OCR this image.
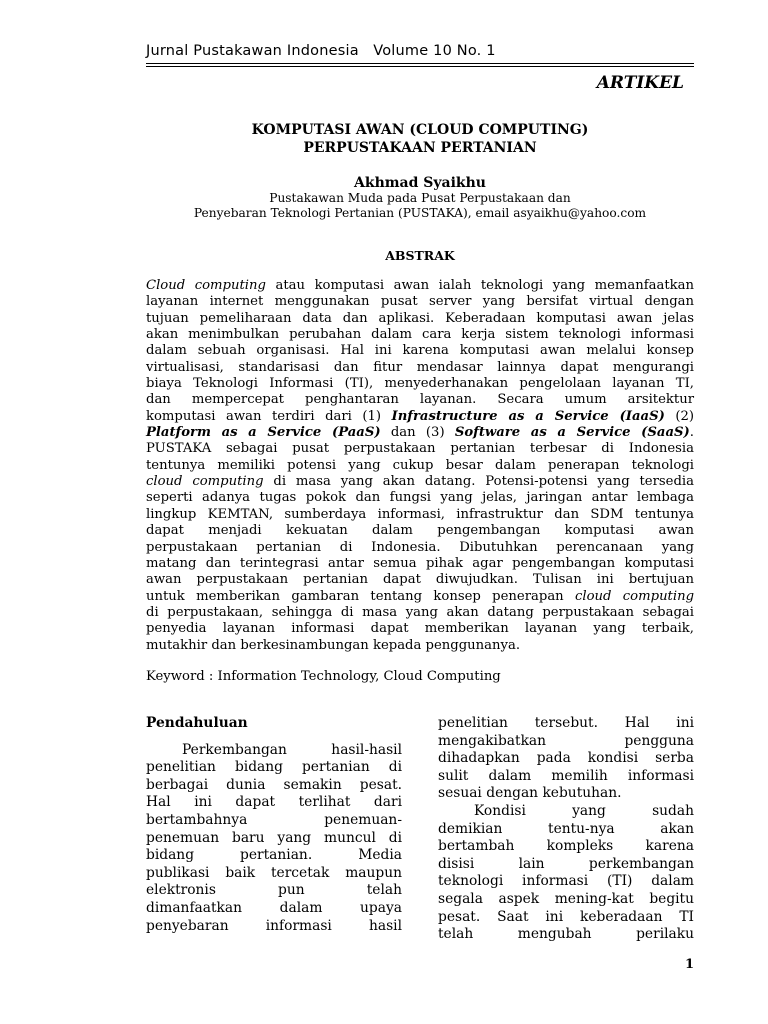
Jurnal Pustakawan Indonesia   Volume 10 No. 1
ARTIKEL
KOMPUTASI AWAN (CLOUD COMPUTING)
PERPUSTAKAAN PERTANIAN
Akhmad Syaikhu
Pustakawan Muda pada Pusat Perpustakaan dan
Penyebaran Teknologi Pertanian (PUSTAKA), email asyaikhu@yahoo.com
ABSTRAK
Cloud computing atau komputasi awan ialah teknologi yang memanfaatkan
layanan internet menggunakan pusat server yang bersifat virtual dengan
tujuan pemeliharaan data dan aplikasi. Keberadaan komputasi awan jelas
akan menimbulkan perubahan dalam cara kerja sistem teknologi informasi
dalam sebuah organisasi. Hal ini karena komputasi awan melalui konsep
virtualisasi, standarisasi dan fitur mendasar lainnya dapat mengurangi
biaya Teknologi Informasi (TI), menyederhanakan pengelolaan layanan TI,
dan mempercepat penghantaran layanan. Secara umum arsitektur
komputasi awan terdiri dari (1) Infrastructure as a Service (IaaS) (2)
Platform as a Service (PaaS) dan (3) Software as a Service (SaaS).
PUSTAKA sebagai pusat perpustakaan pertanian terbesar di Indonesia
tentunya memiliki potensi yang cukup besar dalam penerapan teknologi
cloud computing di masa yang akan datang. Potensi-potensi yang tersedia
seperti adanya tugas pokok dan fungsi yang jelas, jaringan antar lembaga
lingkup KEMTAN, sumberdaya informasi, infrastruktur dan SDM tentunya
dapat menjadi kekuatan dalam pengembangan komputasi awan
perpustakaan pertanian di Indonesia. Dibutuhkan perencanaan yang
matang dan terintegrasi antar semua pihak agar pengembangan komputasi
awan perpustakaan pertanian dapat diwujudkan. Tulisan ini bertujuan
untuk memberikan gambaran tentang konsep penerapan cloud computing
di perpustakaan, sehingga di masa yang akan datang perpustakaan sebagai
penyedia layanan informasi dapat memberikan layanan yang terbaik,
mutakhir dan berkesinambungan kepada penggunanya.
Keyword : Information Technology, Cloud Computing
Pendahuluan
Perkembangan hasil-hasil
penelitian bidang pertanian di
berbagai dunia semakin pesat.
Hal ini dapat terlihat dari
bertambahnya penemuan-
penemuan baru yang muncul di
bidang pertanian. Media
publikasi baik tercetak maupun
elektronis pun telah
dimanfaatkan dalam upaya
penyebaran informasi hasil
penelitian tersebut. Hal ini
mengakibatkan pengguna
dihadapkan pada kondisi serba
sulit dalam memilih informasi
sesuai dengan kebutuhan.
Kondisi yang sudah
demikian tentu-nya akan
bertambah kompleks karena
disisi lain perkembangan
teknologi informasi (TI) dalam
segala aspek mening-kat begitu
pesat. Saat ini keberadaan TI
telah mengubah perilaku
1
